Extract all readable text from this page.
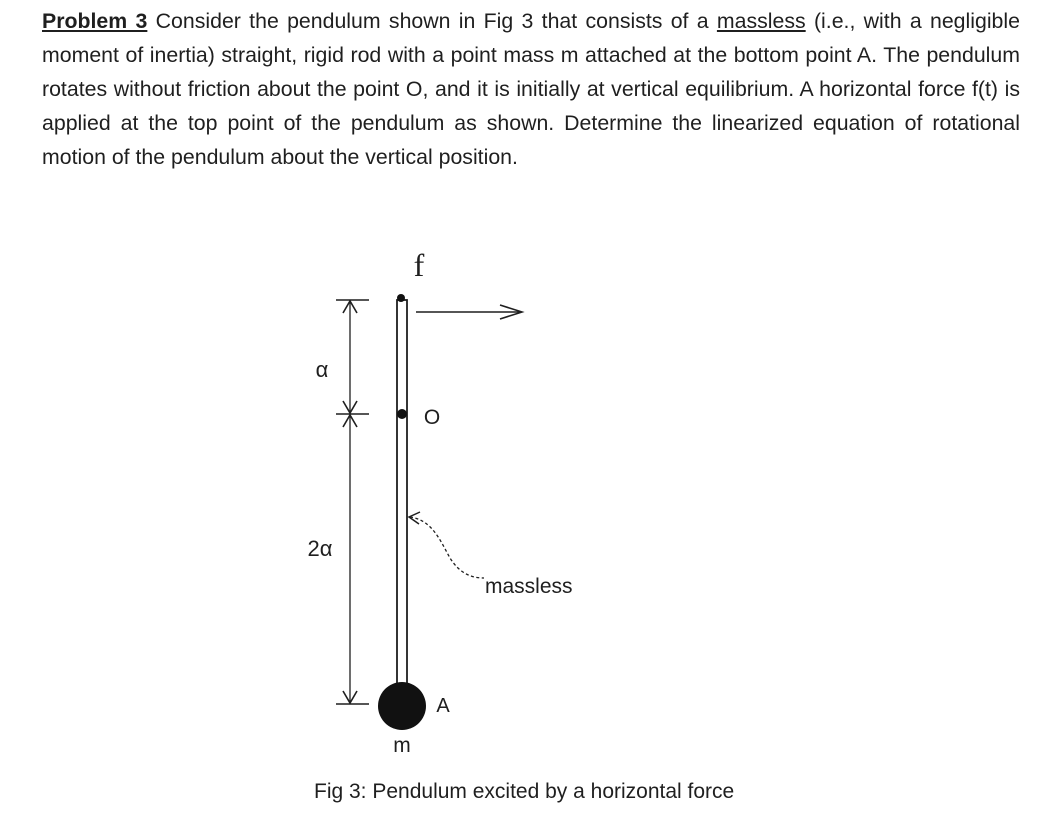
Problem 3 Consider the pendulum shown in Fig 3 that consists of a massless (i.e., with a negligible moment of inertia) straight, rigid rod with a point mass m attached at the bottom point A. The pendulum rotates without friction about the point O, and it is initially at vertical equilibrium. A horizontal force f(t) is applied at the top point of the pendulum as shown. Determine the linearized equation of rotational motion of the pendulum about the vertical position.

α
2α
f
O
massless
A
m

Fig 3: Pendulum excited by a horizontal force
